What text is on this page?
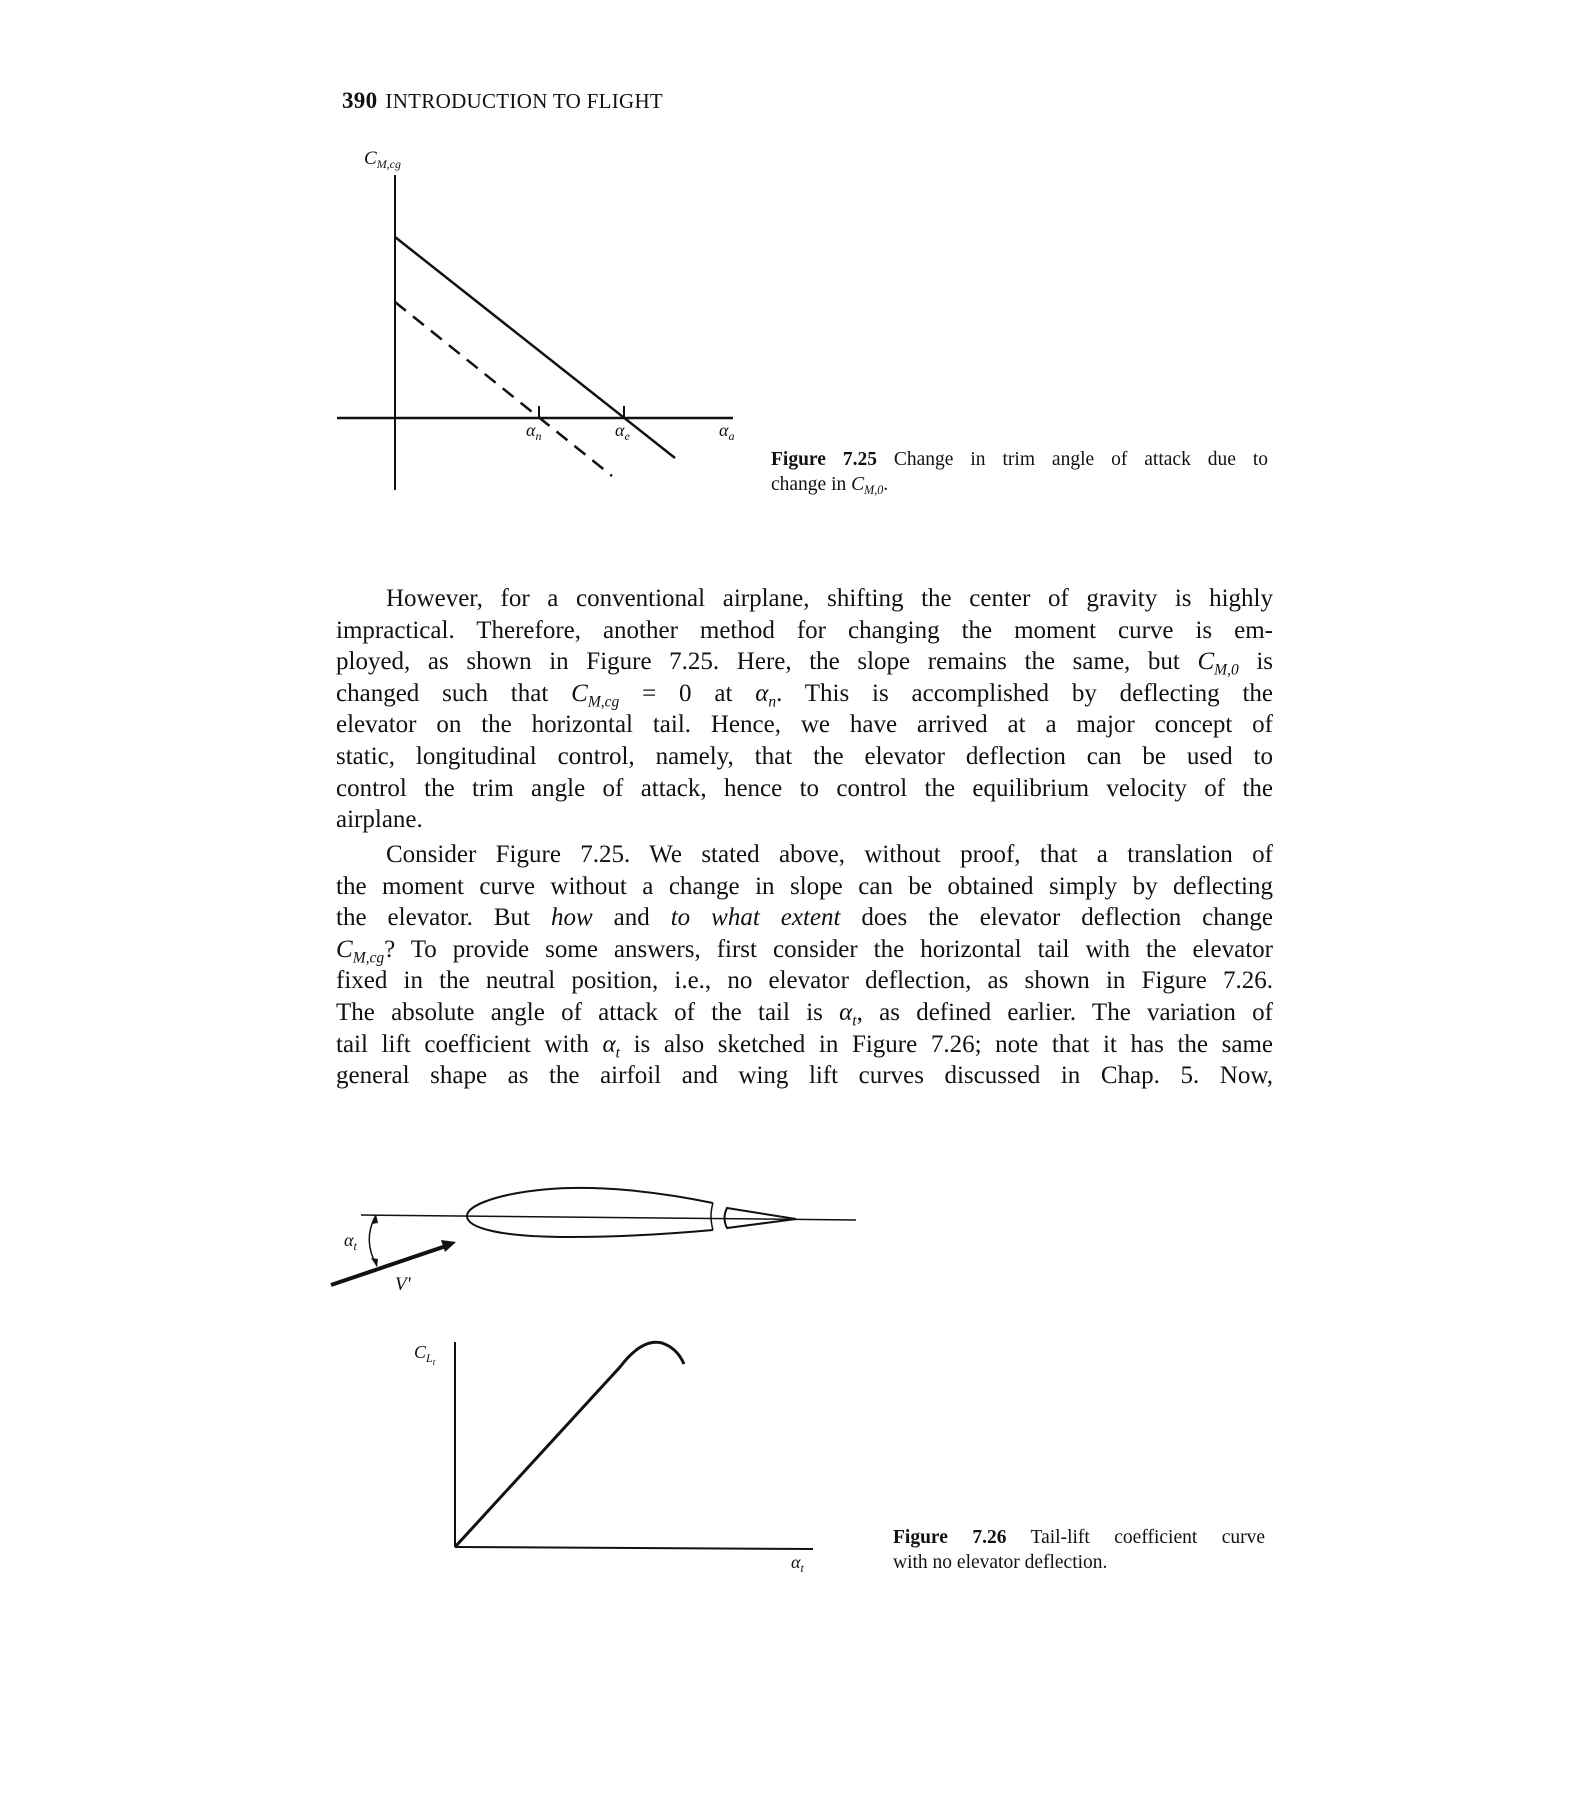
390 INTRODUCTION TO FLIGHT
$C_{M,cg}$
$\alpha_n$	$\alpha_e$	$\alpha_a$
$\alpha_t$
V'
$C_Lt$
$\alpha_t$
Figure 7.25 Change in trim angle of attack due to
change in $C_{M,0}$.
Figure 7.26 Tail-lift coefficient curve
with no elevator deflection.
However, for a conventional airplane, shifting the center of gravity is highly
impractical. Therefore, another method for changing the moment curve is em-
ployed, as shown in Figure 7.25. Here, the slope remains the same, but $C_{M,0}$ is
changed such that $C_{M,cg} = 0$ at $\alpha_n$. This is accomplished by deflecting the
elevator on the horizontal tail. Hence, we have arrived at a major concept of
static, longitudinal control, namely, that the elevator deflection can be used to
control the trim angle of attack, hence to control the equilibrium velocity of the
airplane.
Consider Figure 7.25. We stated above, without proof, that a translation of
the moment curve without a change in slope can be obtained simply by deflecting
the elevator. But how and to what extent does the elevator deflection change
$C_{M,cg}$? To provide some answers, first consider the horizontal tail with the elevator
fixed in the neutral position, i.e., no elevator deflection, as shown in Figure 7.26.
The absolute angle of attack of the tail is $\alpha_t$, as defined earlier. The variation of
tail lift coefficient with $\alpha_t$ is also sketched in Figure 7.26; note that it has the same
general shape as the airfoil and wing lift curves discussed in Chap. 5. Now,
